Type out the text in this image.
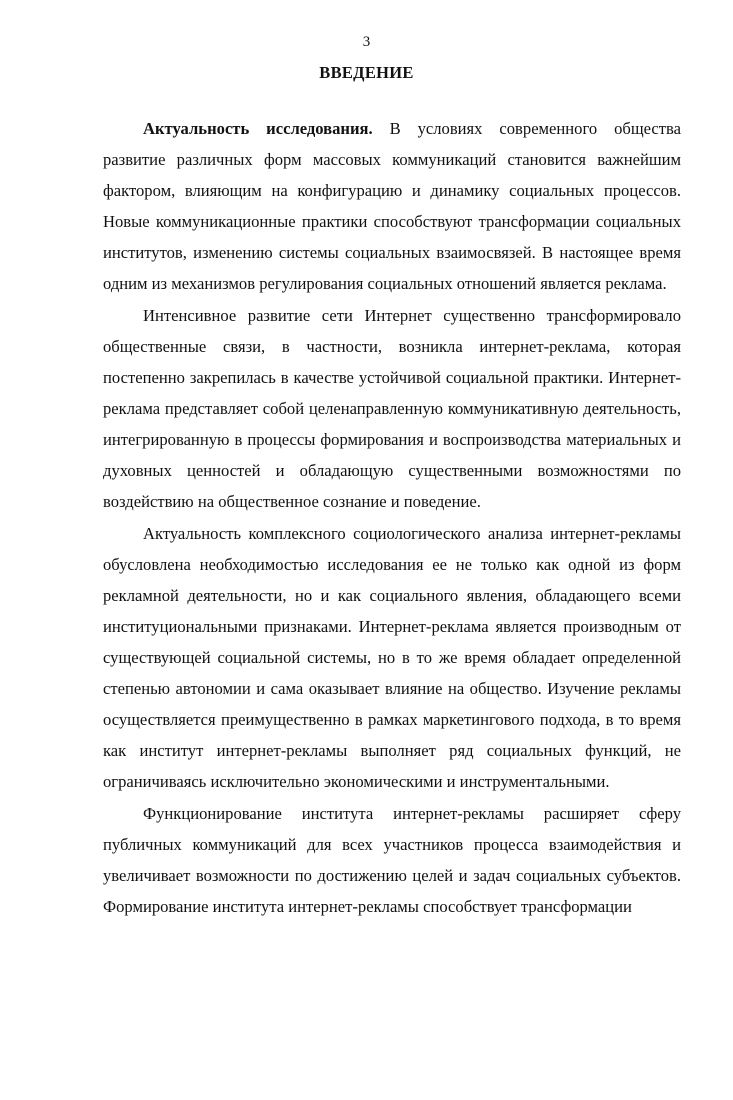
3
ВВЕДЕНИЕ

Актуальность исследования. В условиях современного общества развитие различных форм массовых коммуникаций становится важнейшим фактором, влияющим на конфигурацию и динамику социальных процессов. Новые коммуникационные практики способствуют трансформации социальных институтов, изменению системы социальных взаимосвязей. В настоящее время одним из механизмов регулирования социальных отношений является реклама.

Интенсивное развитие сети Интернет существенно трансформировало общественные связи, в частности, возникла интернет-реклама, которая постепенно закрепилась в качестве устойчивой социальной практики. Интернет-реклама представляет собой целенаправленную коммуникативную деятельность, интегрированную в процессы формирования и воспроизводства материальных и духовных ценностей и обладающую существенными возможностями по воздействию на общественное сознание и поведение.

Актуальность комплексного социологического анализа интернет-рекламы обусловлена необходимостью исследования ее не только как одной из форм рекламной деятельности, но и как социального явления, обладающего всеми институциональными признаками. Интернет-реклама является производным от существующей социальной системы, но в то же время обладает определенной степенью автономии и сама оказывает влияние на общество. Изучение рекламы осуществляется преимущественно в рамках маркетингового подхода, в то время как институт интернет-рекламы выполняет ряд социальных функций, не ограничиваясь исключительно экономическими и инструментальными.

Функционирование института интернет-рекламы расширяет сферу публичных коммуникаций для всех участников процесса взаимодействия и увеличивает возможности по достижению целей и задач социальных субъектов. Формирование института интернет-рекламы способствует трансформации
